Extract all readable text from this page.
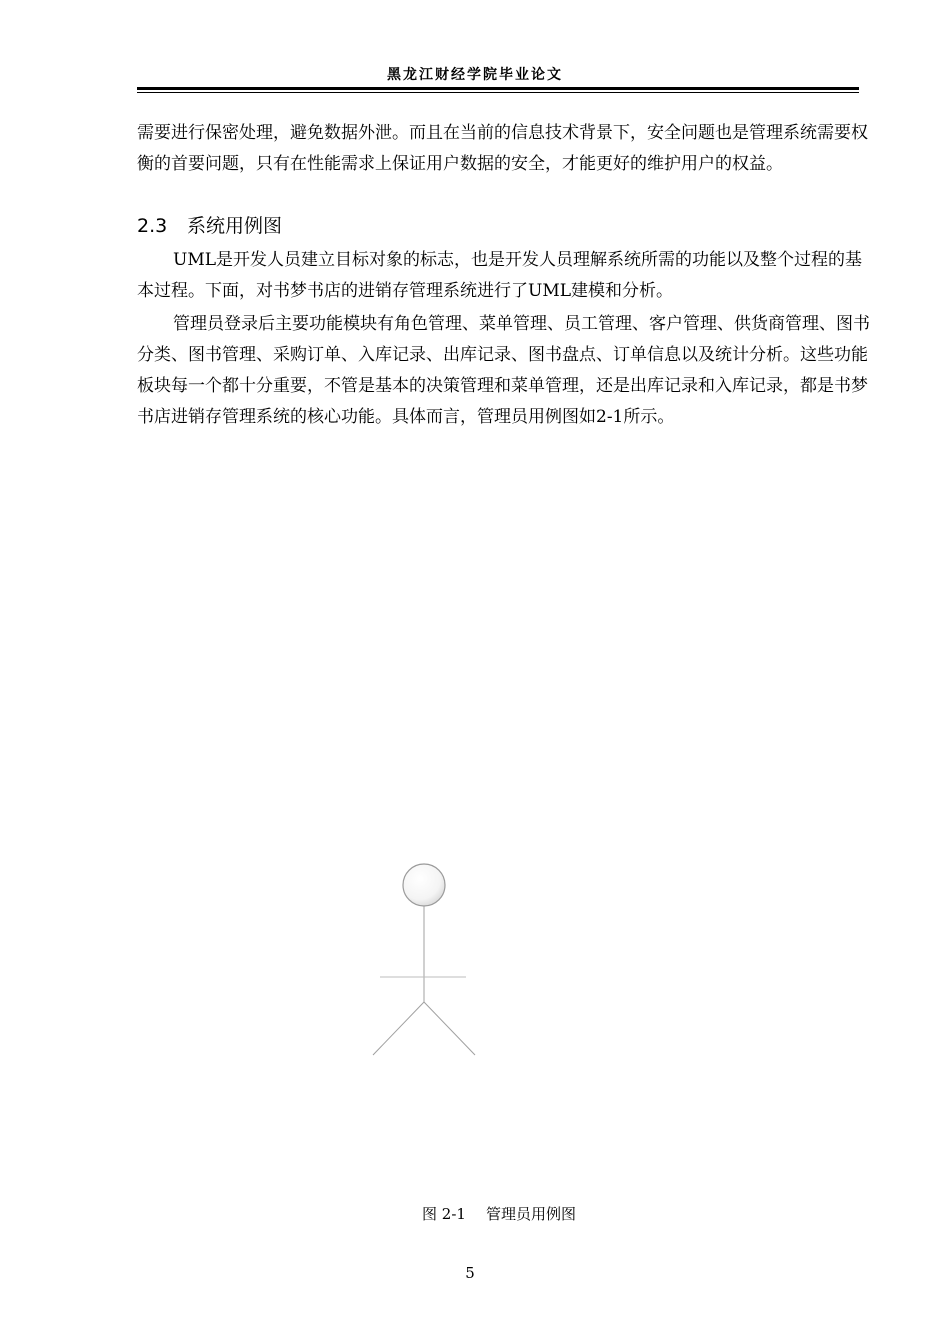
黑龙江财经学院毕业论文

需要进行保密处理，避免数据外泄。而且在当前的信息技术背景下，安全问题也是管理系统需要权衡的首要问题，只有在性能需求上保证用户数据的安全，才能更好的维护用户的权益。

2.3 系统用例图

UML是开发人员建立目标对象的标志，也是开发人员理解系统所需的功能以及整个过程的基本过程。下面，对书梦书店的进销存管理系统进行了UML建模和分析。

管理员登录后主要功能模块有角色管理、菜单管理、员工管理、客户管理、供货商管理、图书分类、图书管理、采购订单、入库记录、出库记录、图书盘点、订单信息以及统计分析。这些功能板块每一个都十分重要，不管是基本的决策管理和菜单管理，还是出库记录和入库记录，都是书梦书店进销存管理系统的核心功能。具体而言，管理员用例图如2-1所示。

图 2-1 管理员用例图
5
